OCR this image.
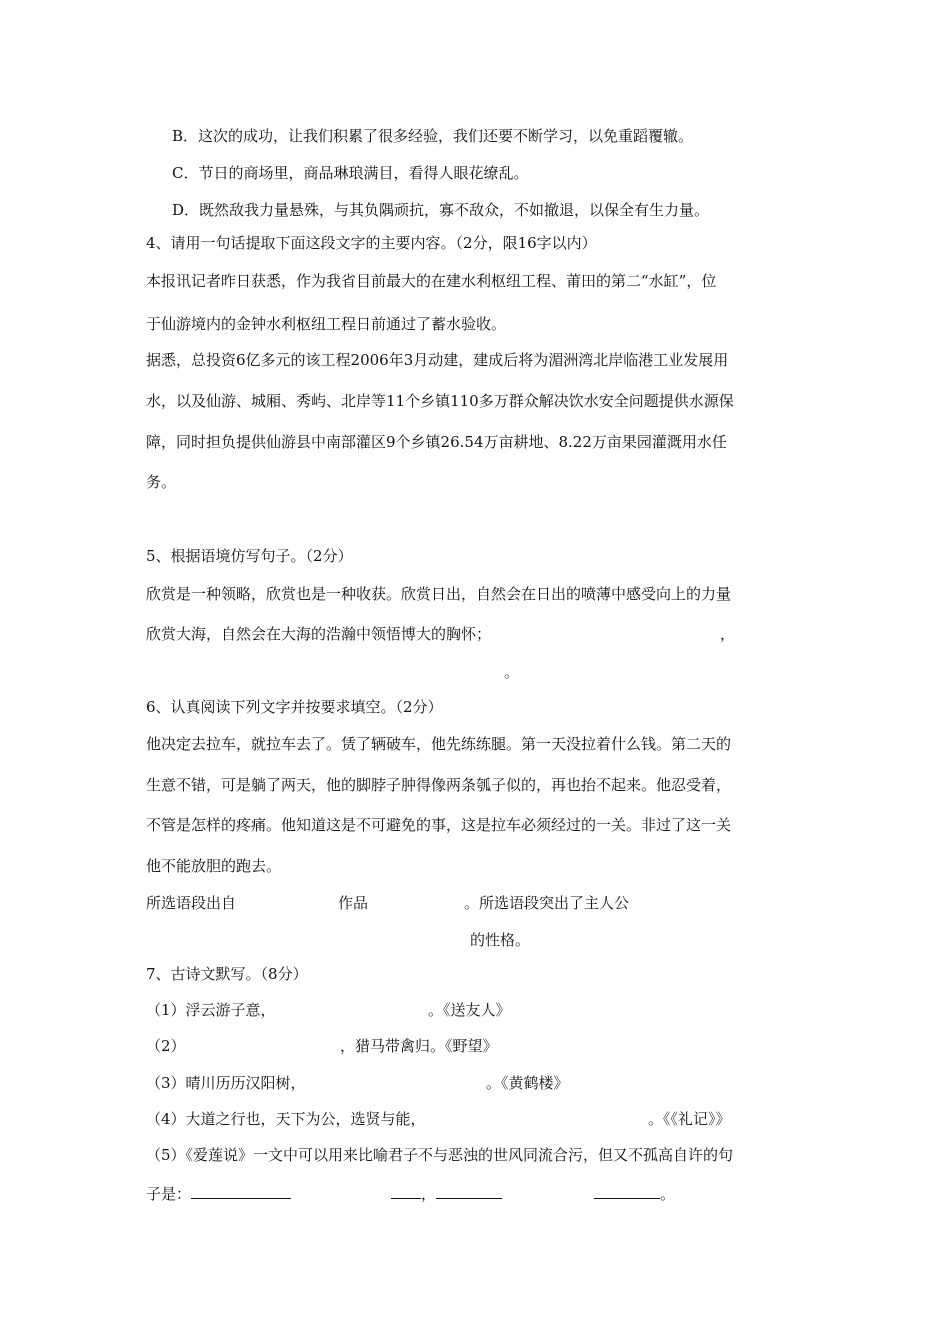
B．这次的成功，让我们积累了很多经验，我们还要不断学习，以免重蹈覆辙。
C．节日的商场里，商品琳琅满目，看得人眼花缭乱。
D．既然敌我力量悬殊，与其负隅顽抗，寡不敌众，不如撤退，以保全有生力量。
4、请用一句话提取下面这段文字的主要内容。（2分，限16字以内）
本报讯记者昨日获悉，作为我省目前最大的在建水利枢纽工程、莆田的第二“水缸”，位
于仙游境内的金钟水利枢纽工程日前通过了蓄水验收。
据悉，总投资6亿多元的该工程2006年3月动建，建成后将为湄洲湾北岸临港工业发展用
水，以及仙游、城厢、秀屿、北岸等11个乡镇110多万群众解决饮水安全问题提供水源保
障，同时担负提供仙游县中南部灌区9个乡镇26.54万亩耕地、8.22万亩果园灌溉用水任
务。
5、根据语境仿写句子。（2分）
欣赏是一种领略，欣赏也是一种收获。欣赏日出，自然会在日出的喷薄中感受向上的力量
欣赏大海，自然会在大海的浩瀚中领悟博大的胸怀；	，
。
6、认真阅读下列文字并按要求填空。（2分）
他决定去拉车，就拉车去了。赁了辆破车，他先练练腿。第一天没拉着什么钱。第二天的
生意不错，可是躺了两天，他的脚脖子肿得像两条瓠子似的，再也抬不起来。他忍受着，
不管是怎样的疼痛。他知道这是不可避免的事，这是拉车必须经过的一关。非过了这一关
他不能放胆的跑去。
所选语段出自	作品	。所选语段突出了主人公
的性格。
7、古诗文默写。（8分）
（1）浮云游子意，	。《送友人》
（2）	，猎马带禽归。《野望》
（3）晴川历历汉阳树，	。《黄鹤楼》
（4）大道之行也，天下为公，选贤与能，	。《《礼记》》
（5）《爱莲说》一文中可以用来比喻君子不与恶浊的世风同流合污，但又不孤高自许的句
子是：	，	。
